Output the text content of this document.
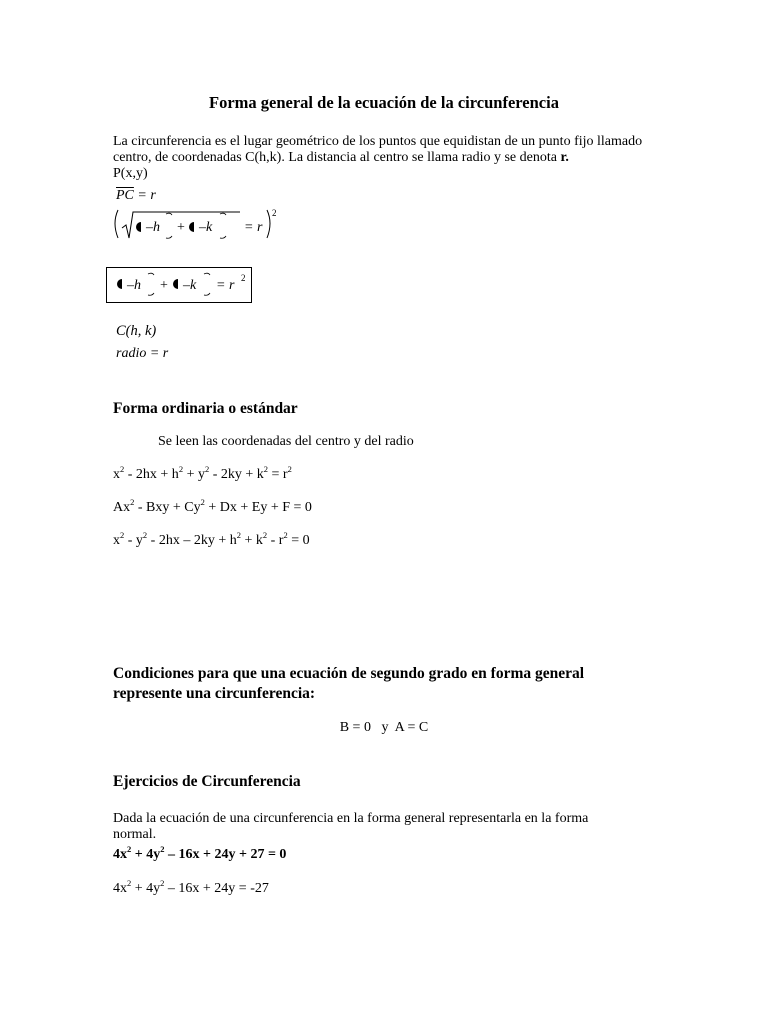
Forma general de la ecuación de la circunferencia
La circunferencia es el lugar geométrico de los puntos que equidistan de un punto fijo llamado
centro, de coordenadas C(h,k). La distancia al centro se llama radio y se denota r.
P(x,y)
$\overline{PC} = r$
–h + –k = r
2
–h + –k = r 2
C(h, k)
radio = r
Forma ordinaria o estándar
Se leen las coordenadas del centro y del radio
$x^2 - 2hx + h^2 + y^2 - 2ky + k^2 = r^2$
Ax$^2$ - Bxy + $Cy^2 + Dx + Ey + F = 0$
$x^2 - y^2 - 2hx - 2ky + h^2 + k^2 - r^2 = 0$
Condiciones para que una ecuación de segundo grado en forma general
represente una circunferencia:
B = 0   y  A = C
Ejercicios de Circunferencia
Dada la ecuación de una circunferencia en la forma general representarla en la forma
normal.
$4x^2 + 4y^2 - 16x + 24y + 27 = 0$
$4x^2 + 4y^2 - 16x + 24y = -27$
